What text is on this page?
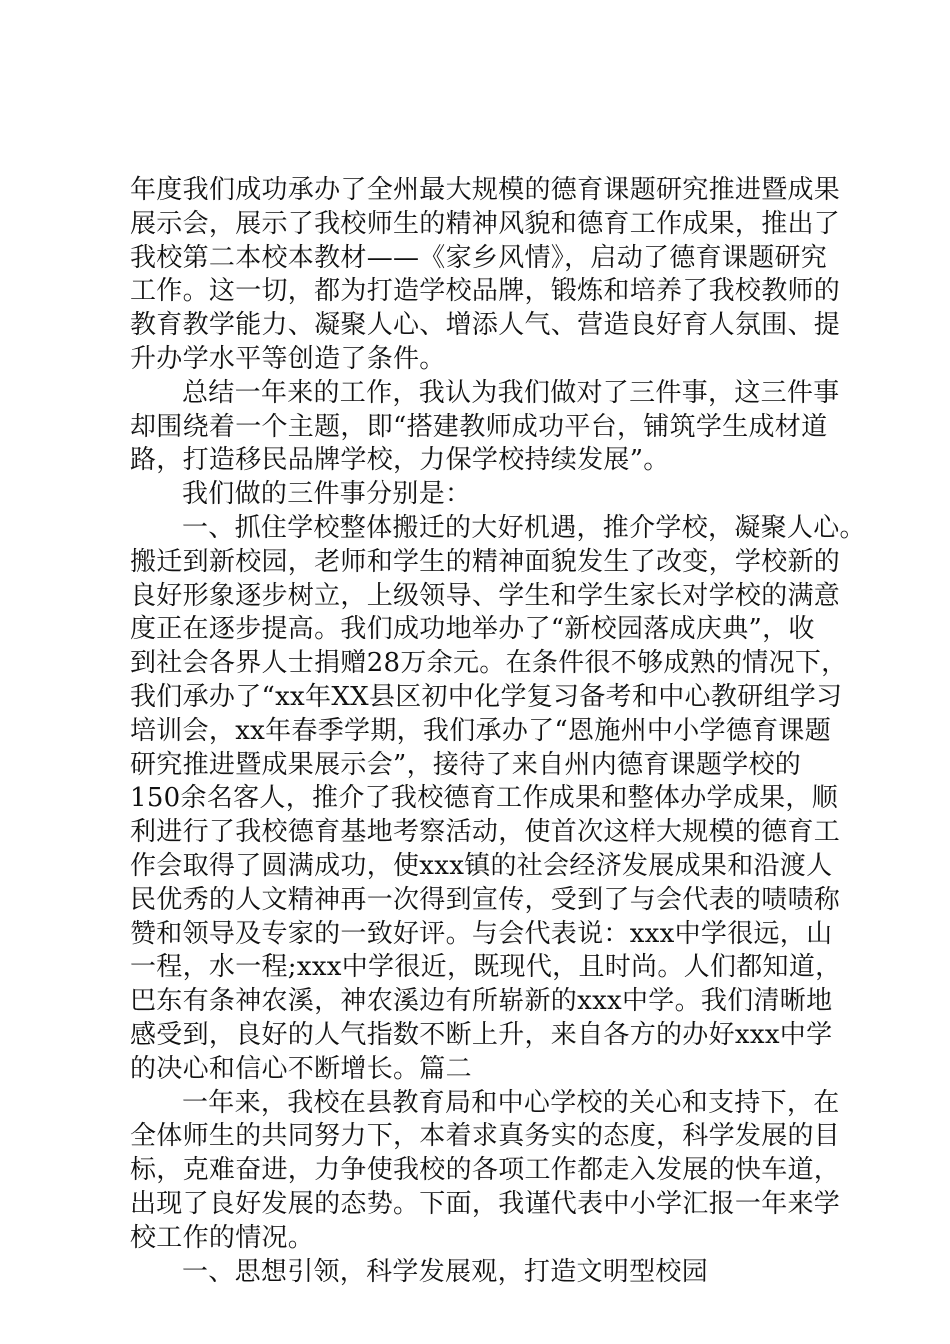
年度我们成功承办了全州最大规模的德育课题研究推进暨成果
展示会，展示了我校师生的精神风貌和德育工作成果，推出了
我校第二本校本教材——《家乡风情》，启动了德育课题研究
工作。这一切，都为打造学校品牌，锻炼和培养了我校教师的
教育教学能力、凝聚人心、增添人气、营造良好育人氛围、提
升办学水平等创造了条件。
总结一年来的工作，我认为我们做对了三件事，这三件事
却围绕着一个主题，即“搭建教师成功平台，铺筑学生成材道
路，打造移民品牌学校，力保学校持续发展”。
我们做的三件事分别是：
一、抓住学校整体搬迁的大好机遇，推介学校，凝聚人心。
搬迁到新校园，老师和学生的精神面貌发生了改变，学校新的
良好形象逐步树立，上级领导、学生和学生家长对学校的满意
度正在逐步提高。我们成功地举办了“新校园落成庆典”，收
到社会各界人士捐赠28万余元。在条件很不够成熟的情况下，
我们承办了“xx年XX县区初中化学复习备考和中心教研组学习
培训会，xx年春季学期，我们承办了“恩施州中小学德育课题
研究推进暨成果展示会”，接待了来自州内德育课题学校的
150余名客人，推介了我校德育工作成果和整体办学成果，顺
利进行了我校德育基地考察活动，使首次这样大规模的德育工
作会取得了圆满成功，使xxx镇的社会经济发展成果和沿渡人
民优秀的人文精神再一次得到宣传，受到了与会代表的啧啧称
赞和领导及专家的一致好评。与会代表说：xxx中学很远，山
一程，水一程;xxx中学很近，既现代，且时尚。人们都知道，
巴东有条神农溪，神农溪边有所崭新的xxx中学。我们清晰地
感受到，良好的人气指数不断上升，来自各方的办好xxx中学
的决心和信心不断增长。篇二
一年来，我校在县教育局和中心学校的关心和支持下，在
全体师生的共同努力下，本着求真务实的态度，科学发展的目
标，克难奋进，力争使我校的各项工作都走入发展的快车道，
出现了良好发展的态势。下面，我谨代表中小学汇报一年来学
校工作的情况。
一、思想引领，科学发展观，打造文明型校园
